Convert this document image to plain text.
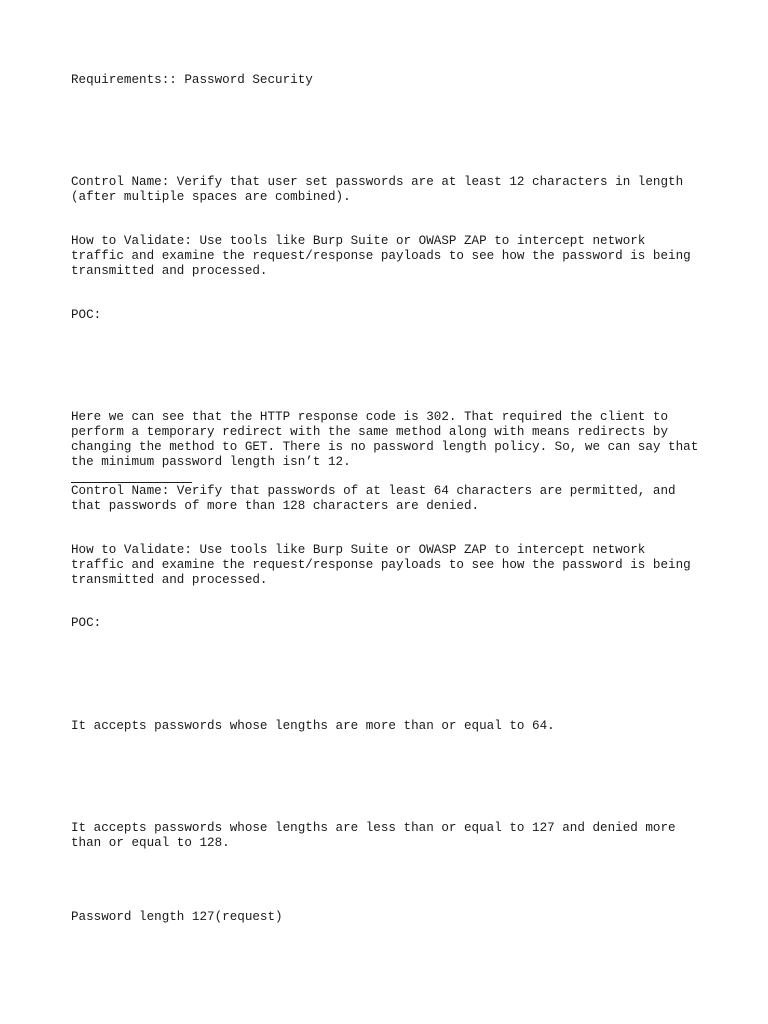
Requirements:: Password Security
Control Name: Verify that user set passwords are at least 12 characters in length
(after multiple spaces are combined).
How to Validate: Use tools like Burp Suite or OWASP ZAP to intercept network
traffic and examine the request/response payloads to see how the password is being
transmitted and processed.
POC:
Here we can see that the HTTP response code is 302. That required the client to
perform a temporary redirect with the same method along with means redirects by
changing the method to GET. There is no password length policy. So, we can say that
the minimum password length isn’t 12.
Control Name: Verify that passwords of at least 64 characters are permitted, and
that passwords of more than 128 characters are denied.
How to Validate: Use tools like Burp Suite or OWASP ZAP to intercept network
traffic and examine the request/response payloads to see how the password is being
transmitted and processed.
POC:
It accepts passwords whose lengths are more than or equal to 64.
It accepts passwords whose lengths are less than or equal to 127 and denied more
than or equal to 128.
Password length 127(request)
